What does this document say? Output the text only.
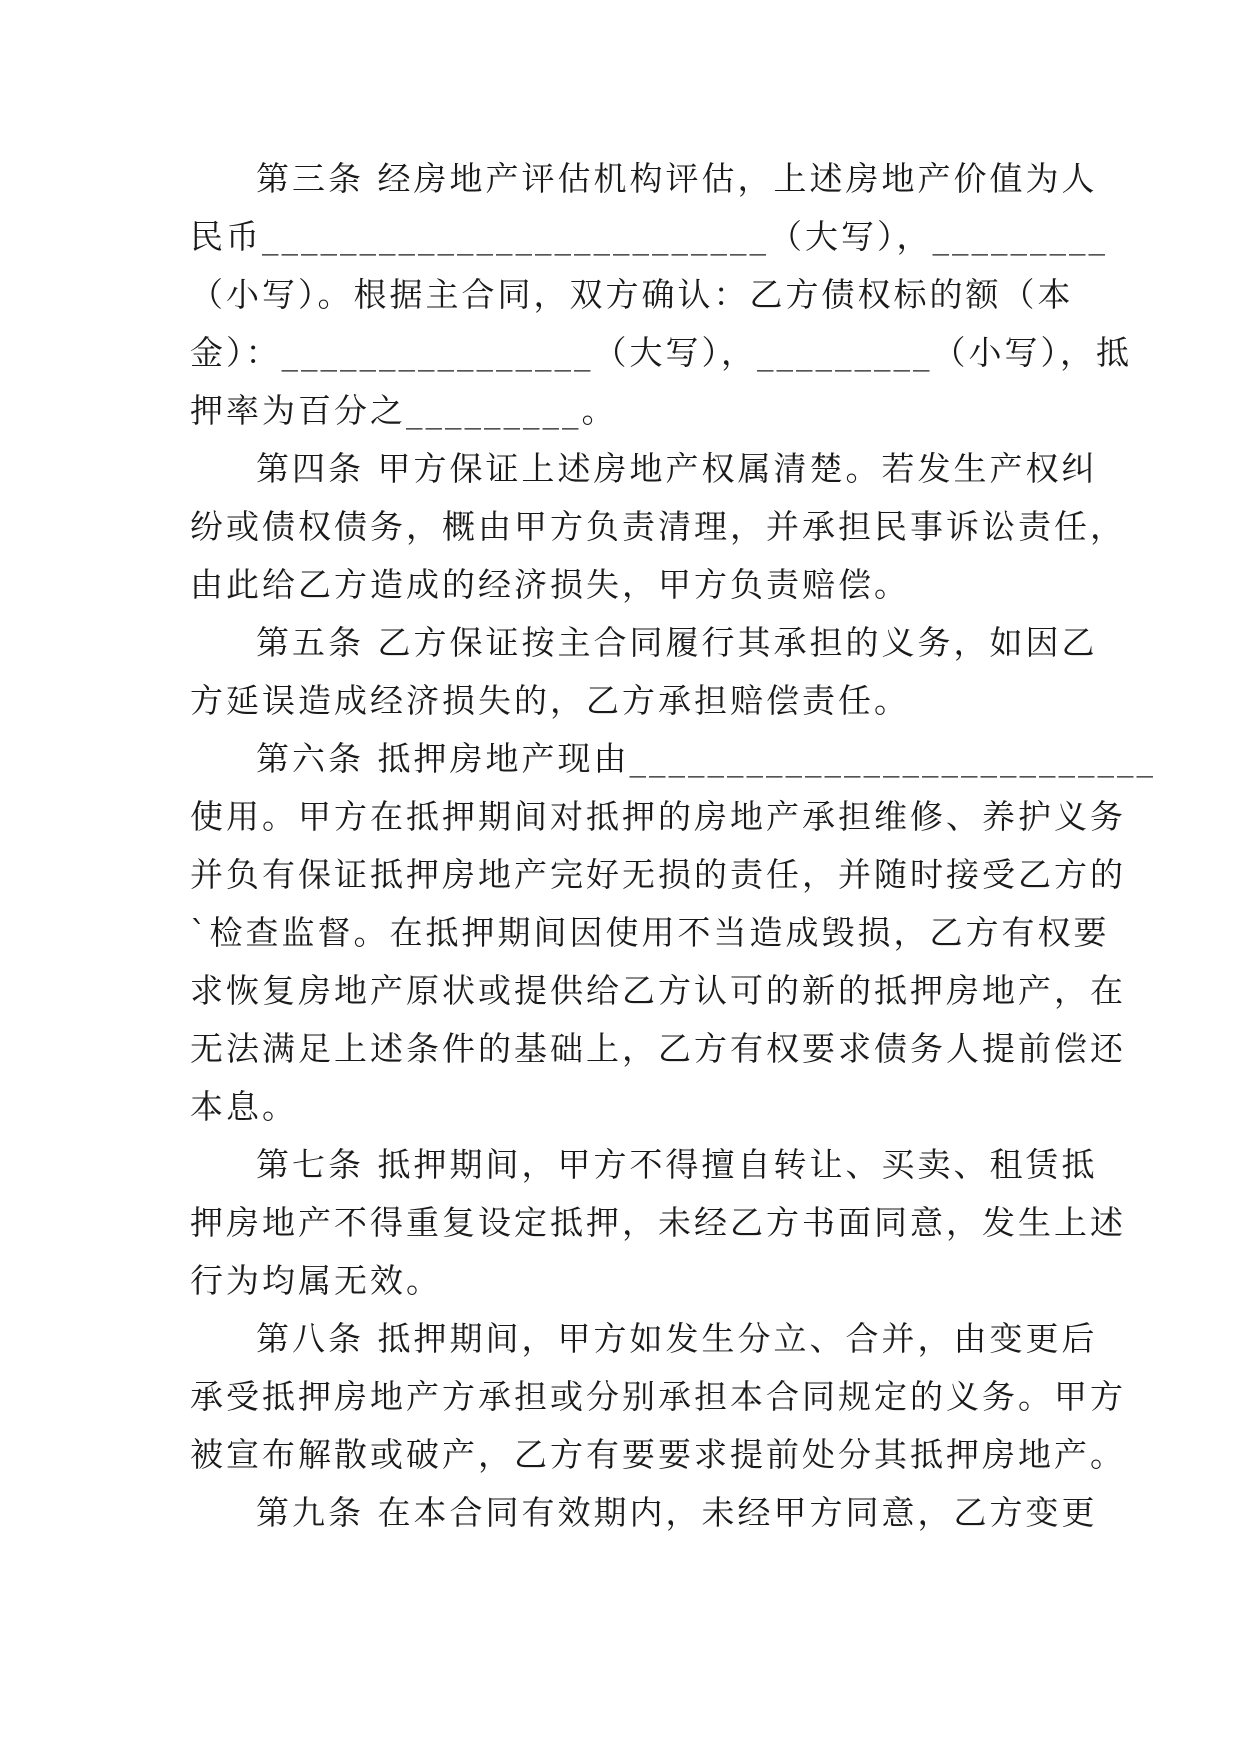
第三条 经房地产评估机构评估，上述房地产价值为人
民币__________________________（大写），_________
（小写）。根据主合同，双方确认：乙方债权标的额（本
金）：________________（大写），_________（小写），抵
押率为百分之_________。
第四条 甲方保证上述房地产权属清楚。若发生产权纠
纷或债权债务，概由甲方负责清理，并承担民事诉讼责任，
由此给乙方造成的经济损失，甲方负责赔偿。
第五条 乙方保证按主合同履行其承担的义务，如因乙
方延误造成经济损失的，乙方承担赔偿责任。
第六条 抵押房地产现由___________________________
使用。甲方在抵押期间对抵押的房地产承担维修、养护义务
并负有保证抵押房地产完好无损的责任，并随时接受乙方的
`检查监督。在抵押期间因使用不当造成毁损，乙方有权要
求恢复房地产原状或提供给乙方认可的新的抵押房地产，在
无法满足上述条件的基础上，乙方有权要求债务人提前偿还
本息。
第七条 抵押期间，甲方不得擅自转让、买卖、租赁抵
押房地产不得重复设定抵押，未经乙方书面同意，发生上述
行为均属无效。
第八条 抵押期间，甲方如发生分立、合并，由变更后
承受抵押房地产方承担或分别承担本合同规定的义务。甲方
被宣布解散或破产，乙方有要要求提前处分其抵押房地产。
第九条 在本合同有效期内，未经甲方同意，乙方变更
